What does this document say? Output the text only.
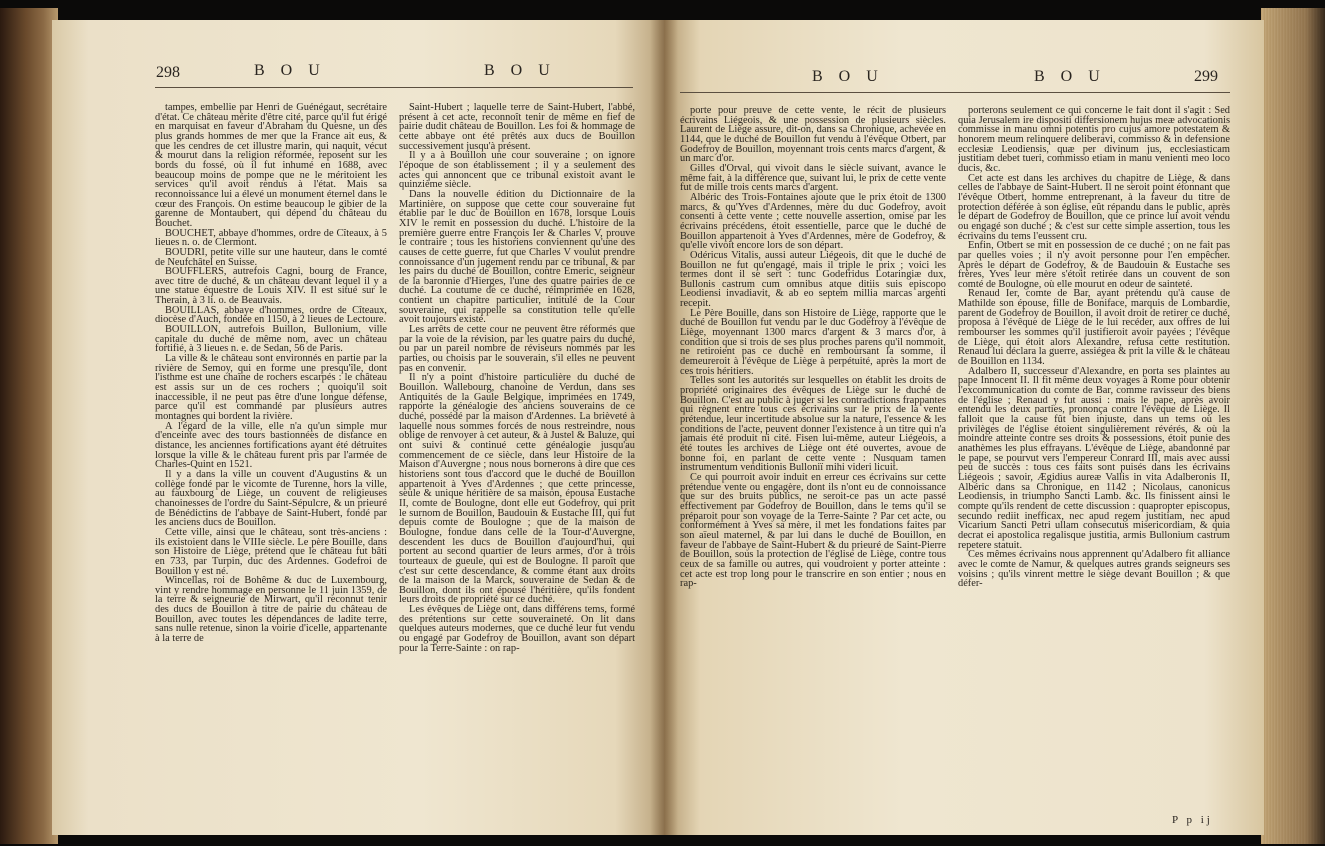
298	B O U	B O U

tampes, embellie par Henri de Guénégaut, secrétaire d'état. Ce château mérite d'être cité, parce qu'il fut érigé en marquisat en faveur d'Abraham du Quesne, un des plus grands hommes de mer que la France ait eus, & que les cendres de cet illustre marin, qui naquit, vécut & mourut dans la religion réformée, reposent sur les bords du fossé, où il fut inhumé en 1688, avec beaucoup moins de pompe que ne le méritoient les services qu'il avoit rendus à l'état. Mais sa reconnoissance lui a élevé un monument éternel dans le cœur des François. On estime beaucoup le gibier de la garenne de Montaubert, qui dépend du château du Bouchet.

BOUCHET, abbaye d'hommes, ordre de Cîteaux, à 5 lieues n. o. de Clermont.

BOUDRI, petite ville sur une hauteur, dans le comté de Neufchâtel en Suisse.

BOUFFLERS, autrefois Cagni, bourg de France, avec titre de duché, & un château devant lequel il y a une statue équestre de Louis XIV. Il est situé sur le Therain, à 3 li. o. de Beauvais.

BOUILLAS, abbaye d'hommes, ordre de Cîteaux, diocèse d'Auch, fondée en 1150, à 2 lieues de Lectoure.

BOUILLON, autrefois Buillon, Bullonium, ville capitale du duché de même nom, avec un château fortifié, à 3 lieues n. e. de Sedan, 56 de Paris.

La ville & le château sont environnés en partie par la rivière de Semoy, qui en forme une presqu'île, dont l'isthme est une chaîne de rochers escarpés : le château est assis sur un de ces rochers ; quoiqu'il soit inaccessible, il ne peut pas être d'une longue défense, parce qu'il est commandé par plusieurs autres montagnes qui bordent la rivière.

A l'égard de la ville, elle n'a qu'un simple mur d'enceinte avec des tours bastionnées de distance en distance, les anciennes fortifications ayant été détruites lorsque la ville & le château furent pris par l'armée de Charles-Quint en 1521.

Il y a dans la ville un couvent d'Augustins & un collège fondé par le vicomte de Turenne, hors la ville, au fauxbourg de Liège, un couvent de religieuses chanoinesses de l'ordre du Saint-Sépulcre, & un prieuré de Bénédictins de l'abbaye de Saint-Hubert, fondé par les anciens ducs de Bouillon.

Cette ville, ainsi que le château, sont très-anciens : ils existoient dans le VIIIe siècle. Le père Bouille, dans son Histoire de Liège, prétend que le château fut bâti en 733, par Turpin, duc des Ardennes. Godefroi de Bouillon y est né.

Wincellas, roi de Bohême & duc de Luxembourg, vint y rendre hommage en personne le 11 juin 1359, de la terre & seigneurie de Mirwart, qu'il reconnut tenir des ducs de Bouillon à titre de pairie du château de Bouillon, avec toutes les dépendances de ladite terre, sans nulle retenue, sinon la voirie d'icelle, appartenante à la terre de

Saint-Hubert ; laquelle terre de Saint-Hubert, l'abbé, présent à cet acte, reconnoît tenir de même en fief de pairie dudit château de Bouillon. Les foi & hommage de cette abbaye ont été prêtés aux ducs de Bouillon successivement jusqu'à présent.

Il y a à Bouillon une cour souveraine ; on ignore l'époque de son établissement ; il y a seulement des actes qui annoncent que ce tribunal existoit avant le quinzième siècle.

Dans la nouvelle édition du Dictionnaire de la Martinière, on suppose que cette cour souveraine fut établie par le duc de Bouillon en 1678, lorsque Louis XIV le remit en possession du duché. L'histoire de la première guerre entre François Ier & Charles V, prouve le contraire ; tous les historiens conviennent qu'une des causes de cette guerre, fut que Charles V voulut prendre connoissance d'un jugement rendu par ce tribunal, & par les pairs du duché de Bouillon, contre Emeric, seigneur de la baronnie d'Hierges, l'une des quatre pairies de ce duché. La coutume de ce duché, réimprimée en 1628, contient un chapitre particulier, intitulé de la Cour souveraine, qui rappelle sa constitution telle qu'elle avoit toujours existé.

Les arrêts de cette cour ne peuvent être réformés que par la voie de la révision, par les quatre pairs du duché, ou par un pareil nombre de réviseurs nommés par les parties, ou choisis par le souverain, s'il elles ne peuvent pas en convenir.

Il n'y a point d'histoire particulière du duché de Bouillon. Wallebourg, chanoine de Verdun, dans ses Antiquités de la Gaule Belgique, imprimées en 1749, rapporte la généalogie des anciens souverains de ce duché, possédé par la maison d'Ardennes. La brièveté à laquelle nous sommes forcés de nous restreindre, nous oblige de renvoyer à cet auteur, & à Justel & Baluze, qui ont suivi & continué cette généalogie jusqu'au commencement de ce siècle, dans leur Histoire de la Maison d'Auvergne ; nous nous bornerons à dire que ces historiens sont tous d'accord que le duché de Bouillon appartenoit à Yves d'Ardennes ; que cette princesse, seule & unique héritière de sa maison, épousa Eustache II, comte de Boulogne, dont elle eut Godefroy, qui prit le surnom de Bouillon, Baudouin & Eustache III, qui fut depuis comte de Boulogne ; que de la maison de Boulogne, fondue dans celle de la Tour-d'Auvergne, descendent les ducs de Bouillon d'aujourd'hui, qui portent au second quartier de leurs armes, d'or à trois tourteaux de gueule, qui est de Boulogne. Il paroît que c'est sur cette descendance, & comme étant aux droits de la maison de la Marck, souveraine de Sedan & de Bouillon, dont ils ont épousé l'héritière, qu'ils fondent leurs droits de propriété sur ce duché.

Les évêques de Liège ont, dans différens tems, formé des prétentions sur cette souveraineté. On lit dans quelques auteurs modernes, que ce duché leur fut vendu ou engagé par Godefroy de Bouillon, avant son départ pour la Terre-Sainte : on rap-

B O U	B O U	299

porte pour preuve de cette vente, le récit de plusieurs écrivains Liégeois, & une possession de plusieurs siècles. Laurent de Liège assure, dit-on, dans sa Chronique, achevée en 1144, que le duché de Bouillon fut vendu à l'évêque Otbert, par Godefroy de Bouillon, moyennant trois cents marcs d'argent, & un marc d'or.

Gilles d'Orval, qui vivoit dans le siècle suivant, avance le même fait, à la différence que, suivant lui, le prix de cette vente fut de mille trois cents marcs d'argent.

Albéric des Trois-Fontaines ajoute que le prix étoit de 1300 marcs, & qu'Yves d'Ardennes, mère du duc Godefroy, avoit consenti à cette vente ; cette nouvelle assertion, omise par les écrivains précédens, étoit essentielle, parce que le duché de Bouillon appartenoit à Yves d'Ardennes, mère de Godefroy, & qu'elle vivoit encore lors de son départ.

Odéricus Vitalis, aussi auteur Liégeois, dit que le duché de Bouillon ne fut qu'engagé, mais il triple le prix ; voici les termes dont il se sert : tunc Godefridus Lotaringiæ dux, Bullonis castrum cum omnibus atque ditiis suis episcopo Leodiensi invadiavit, & ab eo septem millia marcas argenti recepit.

Le Père Bouille, dans son Histoire de Liège, rapporte que le duché de Bouillon fut vendu par le duc Godefroy à l'évêque de Liège, moyennant 1300 marcs d'argent & 3 marcs d'or, à condition que si trois de ses plus proches parens qu'il nommoit, ne retiroient pas ce duché en remboursant la somme, il demeureroit à l'évêque de Liège à perpétuité, après la mort de ces trois héritiers.

Telles sont les autorités sur lesquelles on établit les droits de propriété originaires des évêques de Liège sur le duché de Bouillon. C'est au public à juger si les contradictions frappantes qui règnent entre tous ces écrivains sur le prix de la vente prétendue, leur incertitude absolue sur la nature, l'essence & les conditions de l'acte, peuvent donner l'existence à un titre qui n'a jamais été produit ni cité. Fisen lui-même, auteur Liégeois, a été toutes les archives de Liège ont été ouvertes, avoue de bonne foi, en parlant de cette vente : Nusquam tamen instrumentum venditionis Bulloniï mihi videri licuit.

Ce qui pourroit avoir induit en erreur ces écrivains sur cette prétendue vente ou engagère, dont ils n'ont eu de connoissance que sur des bruits publics, ne seroit-ce pas un acte passé effectivement par Godefroy de Bouillon, dans le tems qu'il se préparoit pour son voyage de la Terre-Sainte ? Par cet acte, ou conformément à Yves sa mère, il met les fondations faites par son aïeul maternel, & par lui dans le duché de Bouillon, en faveur de l'abbaye de Saint-Hubert & du prieuré de Saint-Pierre de Bouillon, sous la protection de l'église de Liège, contre tous ceux de sa famille ou autres, qui voudroient y porter atteinte : cet acte est trop long pour le transcrire en son entier ; nous en rap-

porterons seulement ce qui concerne le fait dont il s'agit : Sed quia Jerusalem ire dispositi differsionem hujus meæ advocationis commisse in manu omni potentis pro cujus amore potestatem & honorem meum relinquere deliberavi, commisso & in defensione ecclesiæ Leodiensis, quæ per divinum jus, ecclesiasticam justitiam debet tueri, commisso etiam in manu venienti meo loco ducis, &c.

Cet acte est dans les archives du chapitre de Liège, & dans celles de l'abbaye de Saint-Hubert. Il ne seroit point étonnant que l'évêque Otbert, homme entreprenant, à la faveur du titre de protection déférée à son église, eût répandu dans le public, après le départ de Godefroy de Bouillon, que ce prince lui avoit vendu ou engagé son duché ; & c'est sur cette simple assertion, tous les écrivains du tems l'eussent cru.

Enfin, Otbert se mit en possession de ce duché ; on ne fait pas par quelles voies ; il n'y avoit personne pour l'en empêcher. Après le départ de Godefroy, & de Baudouin & Eustache ses frères, Yves leur mère s'étoit retirée dans un couvent de son comté de Boulogne, où elle mourut en odeur de sainteté.

Renaud Ier, comte de Bar, ayant prétendu qu'à cause de Mathilde son épouse, fille de Boniface, marquis de Lombardie, parent de Godefroy de Bouillon, il avoit droit de retirer ce duché, proposa à l'évêque de Liège de le lui recéder, aux offres de lui rembourser les sommes qu'il justifieroit avoir payées ; l'évêque de Liège, qui étoit alors Alexandre, refusa cette restitution. Renaud lui déclara la guerre, assiégea & prit la ville & le château de Bouillon en 1134.

Adalbero II, successeur d'Alexandre, en porta ses plaintes au pape Innocent II. Il fit même deux voyages à Rome pour obtenir l'excommunication du comte de Bar, comme ravisseur des biens de l'église ; Renaud y fut aussi : mais le pape, après avoir entendu les deux parties, prononça contre l'évêque de Liège. Il falloit que la cause fût bien injuste, dans un tems où les privilèges de l'église étoient singulièrement révérés, & où la moindre atteinte contre ses droits & possessions, étoit punie des anathèmes les plus effrayans. L'évêque de Liège, abandonné par le pape, se pourvut vers l'empereur Conrard III, mais avec aussi peu de succès : tous ces faits sont puisés dans les écrivains Liégeois ; savoir, Ægidius aureæ Vallis in vita Adalberonis II, Albéric dans sa Chronique, en 1142 ; Nicolaus, canonicus Leodiensis, in triumpho Sancti Lamb. &c. Ils finissent ainsi le compte qu'ils rendent de cette discussion : quapropter episcopus, secundo rediit inefficax, nec apud regem justitiam, nec apud Vicarium Sancti Petri ullam consecutus misericordiam, & quia decrat ei apostolica regalisque justitia, armis Bullonium castrum repetere statuit.

Ces mêmes écrivains nous apprennent qu'Adalbero fit alliance avec le comte de Namur, & quelques autres grands seigneurs ses voisins ; qu'ils vinrent mettre le siège devant Bouillon ; & que défer-

P p ij
